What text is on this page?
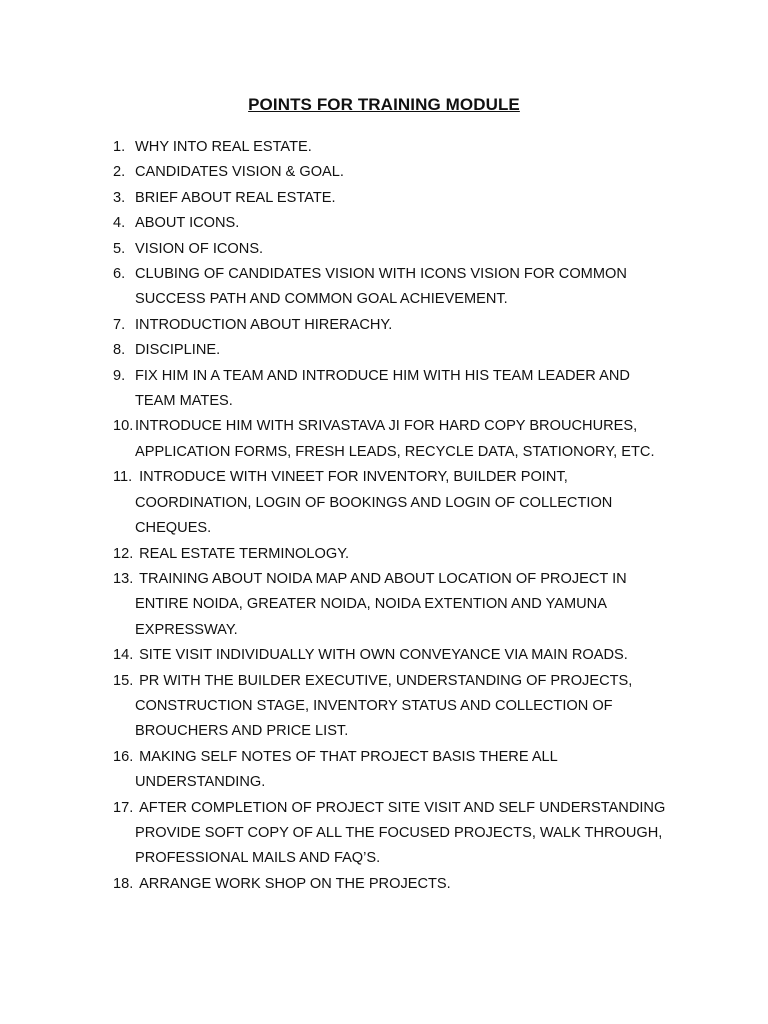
POINTS FOR TRAINING MODULE
1. WHY INTO REAL ESTATE.
2. CANDIDATES VISION & GOAL.
3. BRIEF ABOUT REAL ESTATE.
4. ABOUT ICONS.
5. VISION OF ICONS.
6. CLUBING OF CANDIDATES VISION WITH ICONS VISION FOR COMMON
SUCCESS PATH AND COMMON GOAL ACHIEVEMENT.
7. INTRODUCTION ABOUT HIRERACHY.
8. DISCIPLINE.
9. FIX HIM IN A TEAM AND INTRODUCE HIM WITH HIS TEAM LEADER AND
TEAM MATES.
10. INTRODUCE HIM WITH SRIVASTAVA JI FOR HARD COPY BROUCHURES,
APPLICATION FORMS, FRESH LEADS, RECYCLE DATA, STATIONORY, ETC.
11. INTRODUCE WITH VINEET FOR INVENTORY, BUILDER POINT,
COORDINATION, LOGIN OF BOOKINGS AND LOGIN OF COLLECTION
CHEQUES.
12. REAL ESTATE TERMINOLOGY.
13. TRAINING ABOUT NOIDA MAP AND ABOUT LOCATION OF PROJECT IN
ENTIRE NOIDA, GREATER NOIDA, NOIDA EXTENTION AND YAMUNA
EXPRESSWAY.
14. SITE VISIT INDIVIDUALLY WITH OWN CONVEYANCE VIA MAIN ROADS.
15. PR WITH THE BUILDER EXECUTIVE, UNDERSTANDING OF PROJECTS,
CONSTRUCTION STAGE, INVENTORY STATUS AND COLLECTION OF
BROUCHERS AND PRICE LIST.
16. MAKING SELF NOTES OF THAT PROJECT BASIS THERE ALL
UNDERSTANDING.
17. AFTER COMPLETION OF PROJECT SITE VISIT AND SELF UNDERSTANDING
PROVIDE SOFT COPY OF ALL THE FOCUSED PROJECTS, WALK THROUGH,
PROFESSIONAL MAILS AND FAQ’S.
18. ARRANGE WORK SHOP ON THE PROJECTS.
